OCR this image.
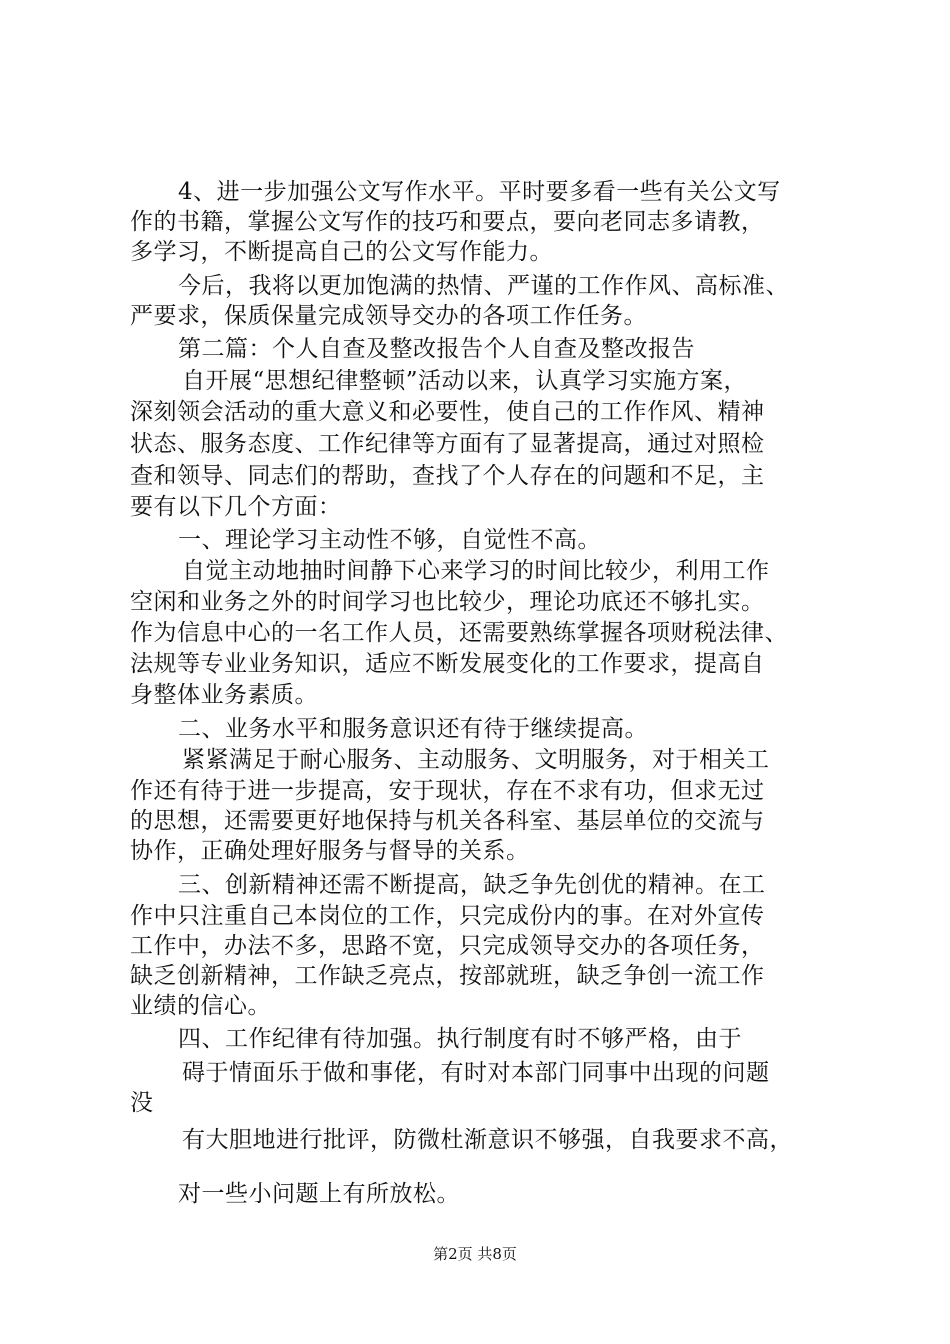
4、进一步加强公文写作水平。平时要多看一些有关公文写
作的书籍，掌握公文写作的技巧和要点，要向老同志多请教，
多学习，不断提高自己的公文写作能力。
今后，我将以更加饱满的热情、严谨的工作作风、高标准、
严要求，保质保量完成领导交办的各项工作任务。
第二篇：个人自查及整改报告个人自查及整改报告
自开展“思想纪律整顿”活动以来，认真学习实施方案，
深刻领会活动的重大意义和必要性，使自己的工作作风、精神
状态、服务态度、工作纪律等方面有了显著提高，通过对照检
查和领导、同志们的帮助，查找了个人存在的问题和不足，主
要有以下几个方面：
一、理论学习主动性不够，自觉性不高。
自觉主动地抽时间静下心来学习的时间比较少，利用工作
空闲和业务之外的时间学习也比较少，理论功底还不够扎实。
作为信息中心的一名工作人员，还需要熟练掌握各项财税法律、
法规等专业业务知识，适应不断发展变化的工作要求，提高自
身整体业务素质。
二、业务水平和服务意识还有待于继续提高。
紧紧满足于耐心服务、主动服务、文明服务，对于相关工
作还有待于进一步提高，安于现状，存在不求有功，但求无过
的思想，还需要更好地保持与机关各科室、基层单位的交流与
协作，正确处理好服务与督导的关系。
三、创新精神还需不断提高，缺乏争先创优的精神。在工
作中只注重自己本岗位的工作，只完成份内的事。在对外宣传
工作中，办法不多，思路不宽，只完成领导交办的各项任务，
缺乏创新精神，工作缺乏亮点，按部就班，缺乏争创一流工作
业绩的信心。
四、工作纪律有待加强。执行制度有时不够严格，由于
碍于情面乐于做和事佬，有时对本部门同事中出现的问题
没
有大胆地进行批评，防微杜渐意识不够强，自我要求不高，
对一些小问题上有所放松。
第2页 共8页
